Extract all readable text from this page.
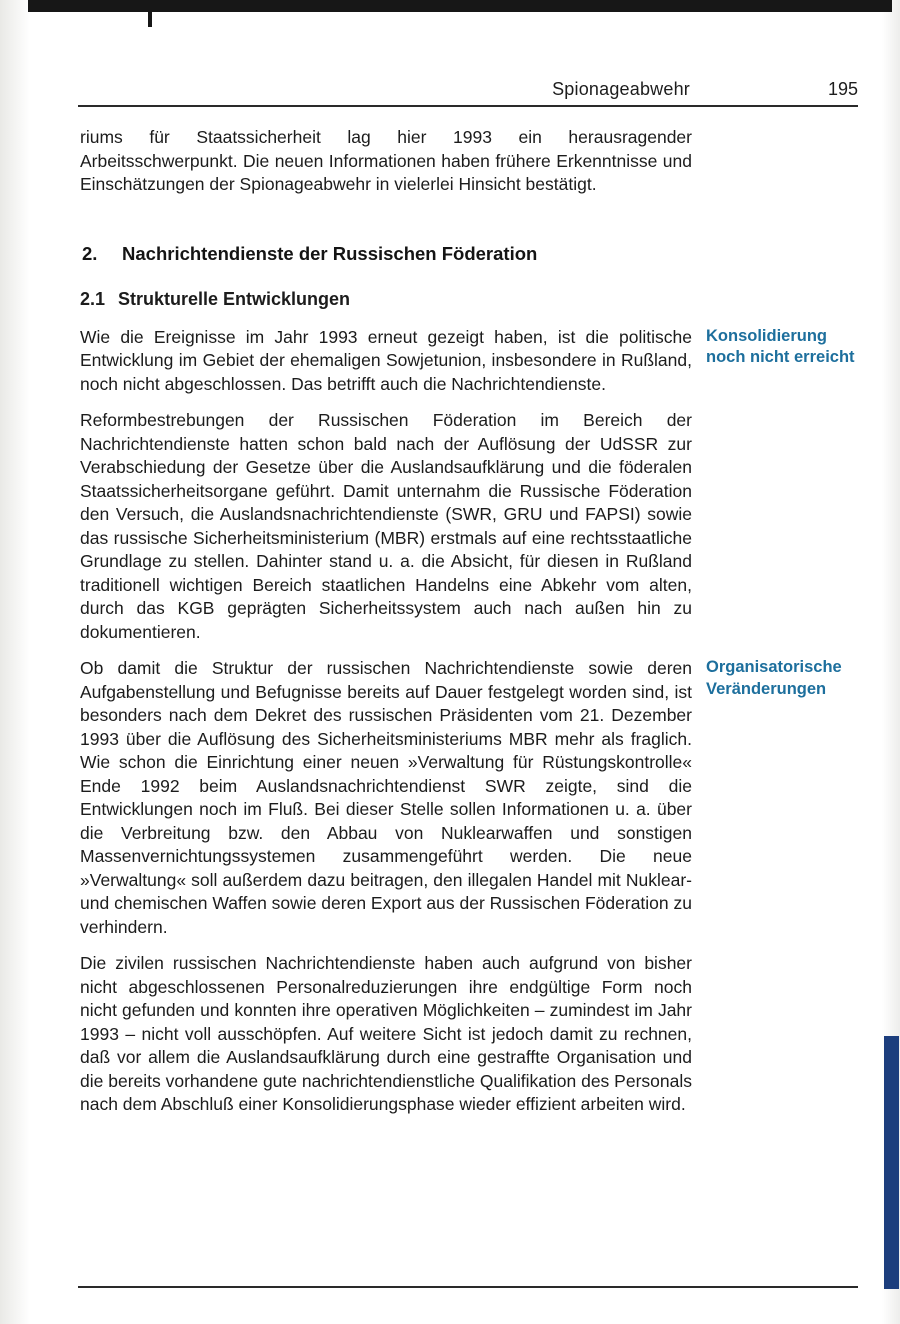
Spionageabwehr	195

riums für Staatssicherheit lag hier 1993 ein herausragender Arbeitsschwerpunkt. Die neuen Informationen haben frühere Erkenntnisse und Einschätzungen der Spionageabwehr in vielerlei Hinsicht bestätigt.

2.	Nachrichtendienste der Russischen Föderation
2.1 Strukturelle Entwicklungen

Wie die Ereignisse im Jahr 1993 erneut gezeigt haben, ist die politische Entwicklung im Gebiet der ehemaligen Sowjetunion, insbesondere in Rußland, noch nicht abgeschlossen. Das betrifft auch die Nachrichtendienste.

Konsolidierung noch nicht erreicht

Reformbestrebungen der Russischen Föderation im Bereich der Nachrichtendienste hatten schon bald nach der Auflösung der UdSSR zur Verabschiedung der Gesetze über die Auslandsaufklärung und die föderalen Staatssicherheitsorgane geführt. Damit unternahm die Russische Föderation den Versuch, die Auslandsnachrichtendienste (SWR, GRU und FAPSI) sowie das russische Sicherheitsministerium (MBR) erstmals auf eine rechtsstaatliche Grundlage zu stellen. Dahinter stand u. a. die Absicht, für diesen in Rußland traditionell wichtigen Bereich staatlichen Handelns eine Abkehr vom alten, durch das KGB geprägten Sicherheitssystem auch nach außen hin zu dokumentieren.

Ob damit die Struktur der russischen Nachrichtendienste sowie deren Aufgabenstellung und Befugnisse bereits auf Dauer festgelegt worden sind, ist besonders nach dem Dekret des russischen Präsidenten vom 21. Dezember 1993 über die Auflösung des Sicherheitsministeriums MBR mehr als fraglich. Wie schon die Einrichtung einer neuen »Verwaltung für Rüstungskontrolle« Ende 1992 beim Auslandsnachrichtendienst SWR zeigte, sind die Entwicklungen noch im Fluß. Bei dieser Stelle sollen Informationen u. a. über die Verbreitung bzw. den Abbau von Nuklearwaffen und sonstigen Massenvernichtungssystemen zusammengeführt werden. Die neue »Verwaltung« soll außerdem dazu beitragen, den illegalen Handel mit Nuklear- und chemischen Waffen sowie deren Export aus der Russischen Föderation zu verhindern.

Organisatorische Veränderungen

Die zivilen russischen Nachrichtendienste haben auch aufgrund von bisher nicht abgeschlossenen Personalreduzierungen ihre endgültige Form noch nicht gefunden und konnten ihre operativen Möglichkeiten – zumindest im Jahr 1993 – nicht voll ausschöpfen. Auf weitere Sicht ist jedoch damit zu rechnen, daß vor allem die Auslandsaufklärung durch eine gestraffte Organisation und die bereits vorhandene gute nachrichtendienstliche Qualifikation des Personals nach dem Abschluß einer Konsolidierungsphase wieder effizient arbeiten wird.
